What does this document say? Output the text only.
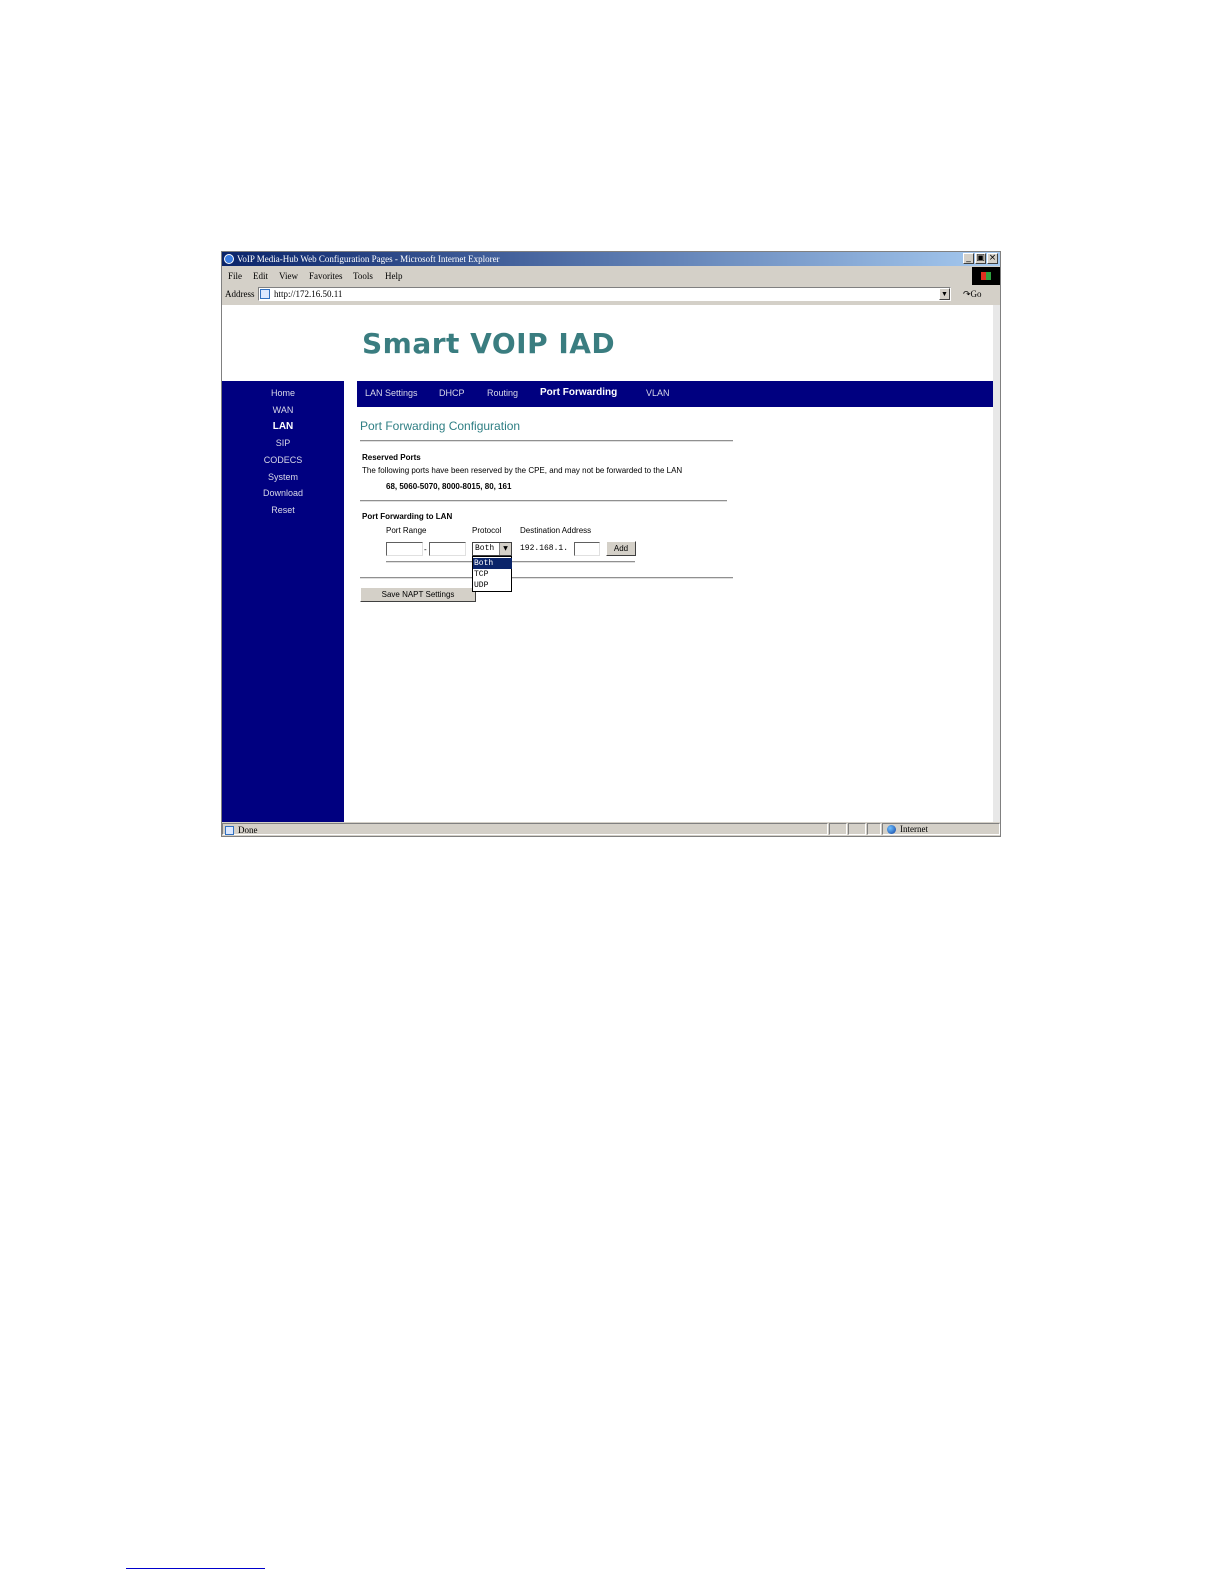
VoIP Media-Hub Web Configuration Pages - Microsoft Internet Explorer	_ ▣ ×
File Edit View Favorites Tools Help
Address http://172.16.50.11	▼ ↷Go
Smart VOIP IAD
Home
WAN
LAN
SIP
CODECS
System
Download
Reset
LAN Settings DHCP Routing Port Forwarding	VLAN
Port Forwarding Configuration
Reserved Ports
The following ports have been reserved by the CPE, and may not be forwarded to the LAN
68, 5060-5070, 8000-8015, 80, 161
Port Forwarding to LAN
Port Range	Protocol Destination Address
-	Both	▼	192.168.1.	Add
Save NAPT Settings
Both
TCP
UDP
Done	Internet
